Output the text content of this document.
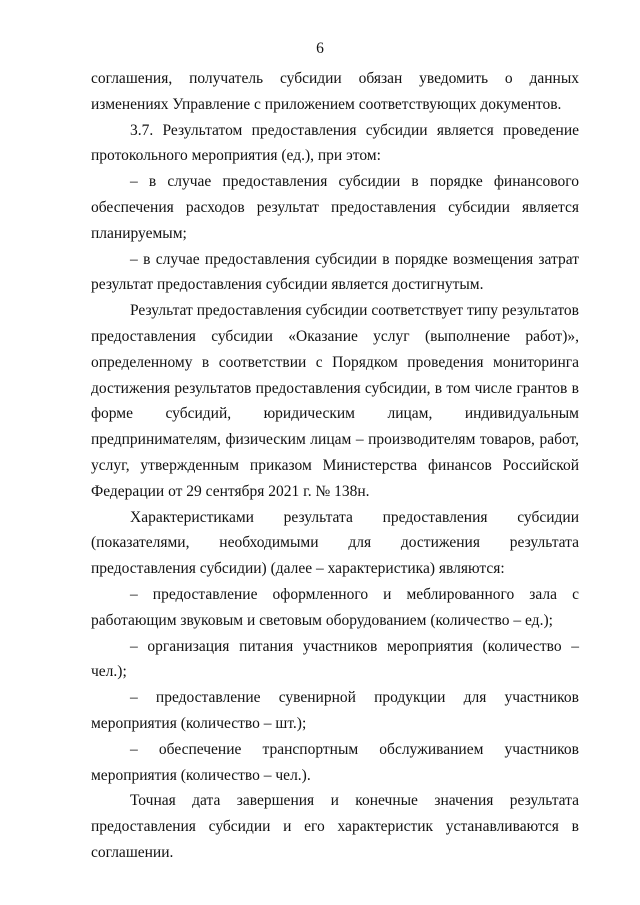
6

соглашения, получатель субсидии обязан уведомить о данных изменениях Управление с приложением соответствующих документов.

3.7. Результатом предоставления субсидии является проведение протокольного мероприятия (ед.), при этом:

– в случае предоставления субсидии в порядке финансового обеспечения расходов результат предоставления субсидии является планируемым;

– в случае предоставления субсидии в порядке возмещения затрат результат предоставления субсидии является достигнутым.

Результат предоставления субсидии соответствует типу результатов предоставления субсидии «Оказание услуг (выполнение работ)», определенному в соответствии с Порядком проведения мониторинга достижения результатов предоставления субсидии, в том числе грантов в форме субсидий, юридическим лицам, индивидуальным предпринимателям, физическим лицам – производителям товаров, работ, услуг, утвержденным приказом Министерства финансов Российской Федерации от 29 сентября 2021 г. № 138н.

Характеристиками результата предоставления субсидии (показателями, необходимыми для достижения результата предоставления субсидии) (далее – характеристика) являются:

– предоставление оформленного и меблированного зала с работающим звуковым и световым оборудованием (количество – ед.);

– организация питания участников мероприятия (количество – чел.);

– предоставление сувенирной продукции для участников мероприятия (количество – шт.);

– обеспечение транспортным обслуживанием участников мероприятия (количество – чел.).

Точная дата завершения и конечные значения результата предоставления субсидии и его характеристик устанавливаются в соглашении.
